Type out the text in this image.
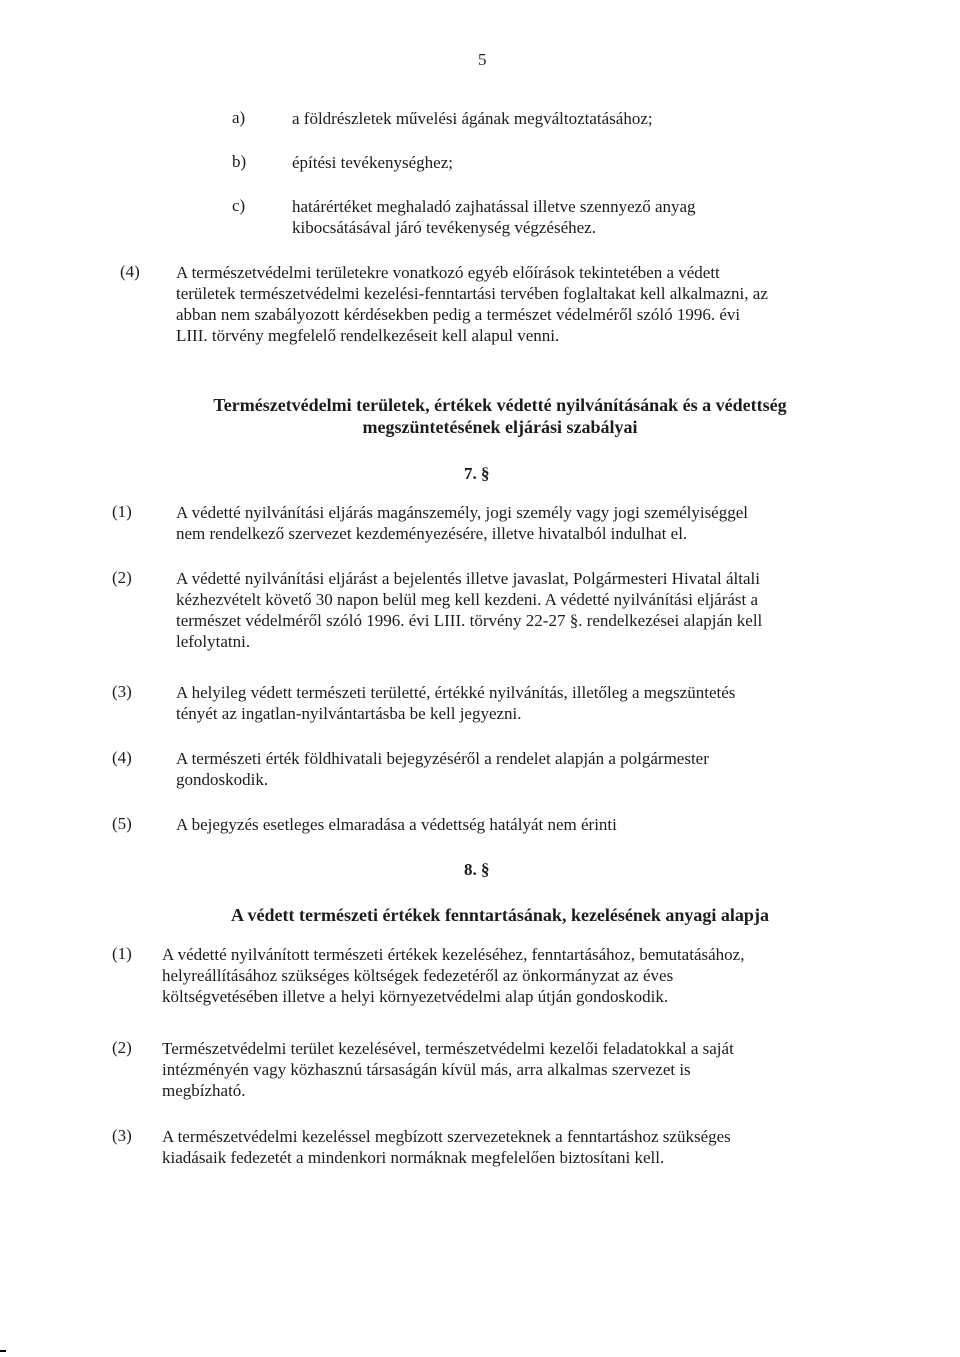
5
a)	a földrészletek művelési ágának megváltoztatásához;
b)	építési tevékenységhez;
c)	határértéket meghaladó zajhatással illetve szennyező anyag
kibocsátásával járó tevékenység végzéséhez.
(4)	A természetvédelmi területekre vonatkozó egyéb előírások tekintetében a védett
területek természetvédelmi kezelési-fenntartási tervében foglaltakat kell alkalmazni, az
abban nem szabályozott kérdésekben pedig a természet védelméről szóló 1996. évi
LIII. törvény megfelelő rendelkezéseit kell alapul venni.
Természetvédelmi területek, értékek védetté nyilvánításának és a védettség
megszüntetésének eljárási szabályai
7. §
(1)	A védetté nyilvánítási eljárás magánszemély, jogi személy vagy jogi személyiséggel
nem rendelkező szervezet kezdeményezésére, illetve hivatalból indulhat el.
(2)	A védetté nyilvánítási eljárást a bejelentés illetve javaslat, Polgármesteri Hivatal általi
kézhezvételt követő 30 napon belül meg kell kezdeni. A védetté nyilvánítási eljárást a
természet védelméről szóló 1996. évi LIII. törvény 22-27 §. rendelkezései alapján kell
lefolytatni.
(3)	A helyileg védett természeti területté, értékké nyilvánítás, illetőleg a megszüntetés
tényét az ingatlan-nyilvántartásba be kell jegyezni.
(4)	A természeti érték földhivatali bejegyzéséről a rendelet alapján a polgármester
gondoskodik.
(5)	A bejegyzés esetleges elmaradása a védettség hatályát nem érinti
8. §
A védett természeti értékek fenntartásának, kezelésének anyagi alapja
(1)	A védetté nyilvánított természeti értékek kezeléséhez, fenntartásához, bemutatásához,
helyreállításához szükséges költségek fedezetéről az önkormányzat az éves
költségvetésében illetve a helyi környezetvédelmi alap útján gondoskodik.
(2)	Természetvédelmi terület kezelésével, természetvédelmi kezelői feladatokkal a saját
intézményén vagy közhasznú társaságán kívül más, arra alkalmas szervezet is
megbízható.
(3)	A természetvédelmi kezeléssel megbízott szervezeteknek a fenntartáshoz szükséges
kiadásaik fedezetét a mindenkori normáknak megfelelően biztosítani kell.
